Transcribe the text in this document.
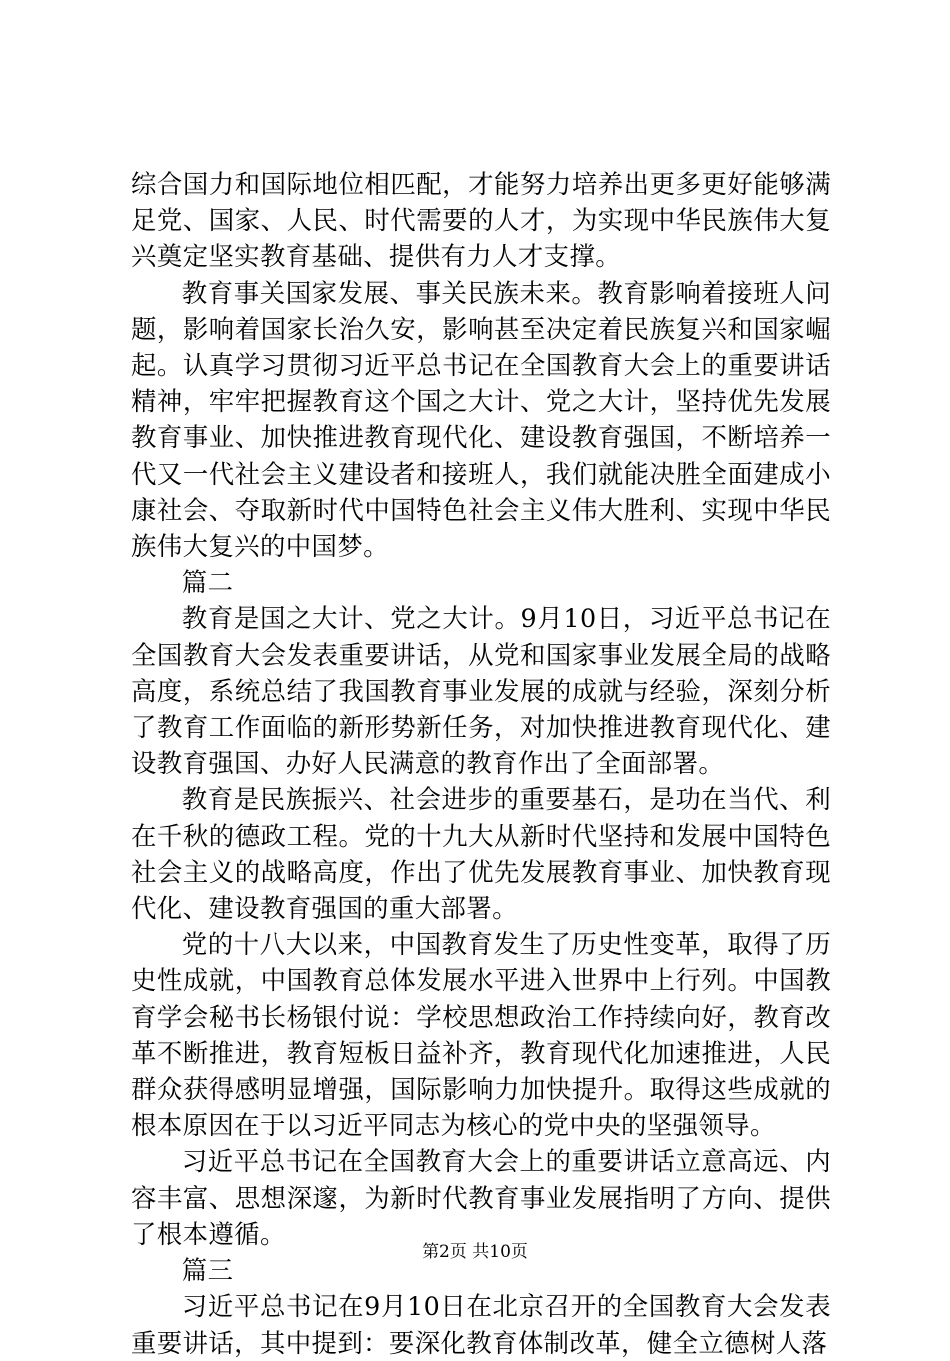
综合国力和国际地位相匹配，才能努力培养出更多更好能够满足党、国家、人民、时代需要的人才，为实现中华民族伟大复兴奠定坚实教育基础、提供有力人才支撑。

教育事关国家发展、事关民族未来。教育影响着接班人问题，影响着国家长治久安，影响甚至决定着民族复兴和国家崛起。认真学习贯彻习近平总书记在全国教育大会上的重要讲话精神，牢牢把握教育这个国之大计、党之大计，坚持优先发展教育事业、加快推进教育现代化、建设教育强国，不断培养一代又一代社会主义建设者和接班人，我们就能决胜全面建成小康社会、夺取新时代中国特色社会主义伟大胜利、实现中华民族伟大复兴的中国梦。

篇二

教育是国之大计、党之大计。9月10日，习近平总书记在全国教育大会发表重要讲话，从党和国家事业发展全局的战略高度，系统总结了我国教育事业发展的成就与经验，深刻分析了教育工作面临的新形势新任务，对加快推进教育现代化、建设教育强国、办好人民满意的教育作出了全面部署。

教育是民族振兴、社会进步的重要基石，是功在当代、利在千秋的德政工程。党的十九大从新时代坚持和发展中国特色社会主义的战略高度，作出了优先发展教育事业、加快教育现代化、建设教育强国的重大部署。

党的十八大以来，中国教育发生了历史性变革，取得了历史性成就，中国教育总体发展水平进入世界中上行列。中国教育学会秘书长杨银付说：学校思想政治工作持续向好，教育改革不断推进，教育短板日益补齐，教育现代化加速推进，人民群众获得感明显增强，国际影响力加快提升。取得这些成就的根本原因在于以习近平同志为核心的党中央的坚强领导。

习近平总书记在全国教育大会上的重要讲话立意高远、内容丰富、思想深邃，为新时代教育事业发展指明了方向、提供了根本遵循。

篇三

习近平总书记在9月10日在北京召开的全国教育大会发表重要讲话，其中提到：要深化教育体制改革，健全立德树人落

第2页 共10页
